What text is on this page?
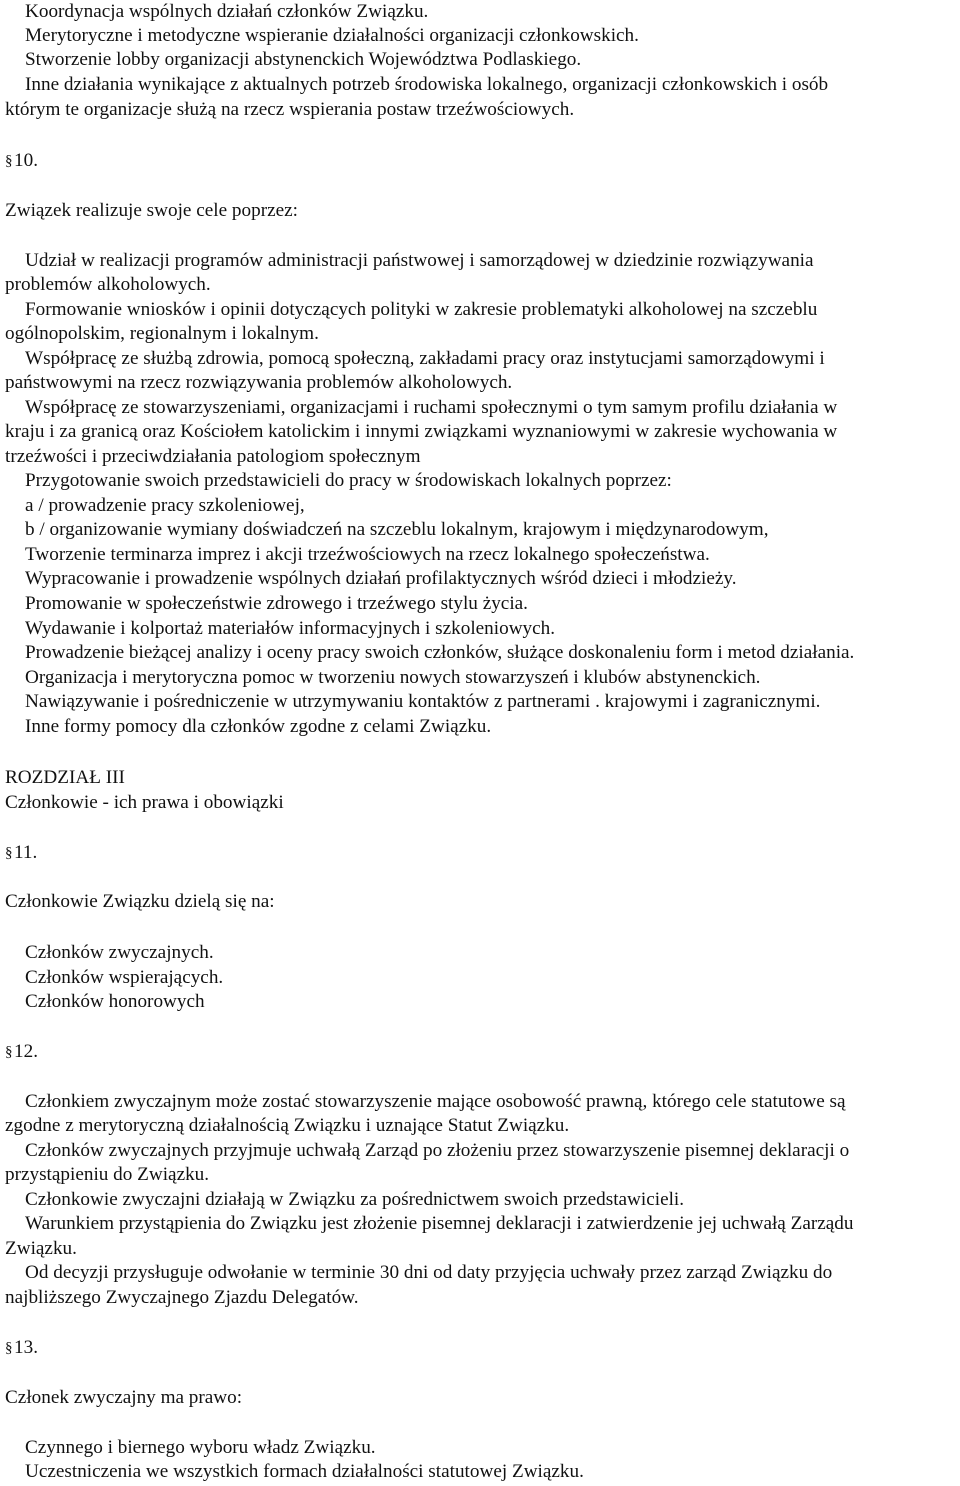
Koordynacja wspólnych działań członków Związku.

Merytoryczne i metodyczne wspieranie działalności organizacji członkowskich.

Stworzenie lobby organizacji abstynenckich Województwa Podlaskiego.

Inne działania wynikające z aktualnych potrzeb środowiska lokalnego, organizacji członkowskich i osób

którym te organizacje służą na rzecz wspierania postaw trzeźwościowych.

§ 10.

Związek realizuje swoje cele poprzez:

Udział w realizacji programów administracji państwowej i samorządowej w dziedzinie rozwiązywania

problemów alkoholowych.

Formowanie wniosków i opinii dotyczących polityki w zakresie problematyki alkoholowej na szczeblu

ogólnopolskim, regionalnym i lokalnym.

Współpracę ze służbą zdrowia, pomocą społeczną, zakładami pracy oraz instytucjami samorządowymi i

państwowymi na rzecz rozwiązywania problemów alkoholowych.

Współpracę ze stowarzyszeniami, organizacjami i ruchami społecznymi o tym samym profilu działania w

kraju i za granicą oraz Kościołem katolickim i innymi związkami wyznaniowymi w zakresie wychowania w

trzeźwości i przeciwdziałania patologiom społecznym

Przygotowanie swoich przedstawicieli do pracy w środowiskach lokalnych poprzez:

a / prowadzenie pracy szkoleniowej,

b / organizowanie wymiany doświadczeń na szczeblu lokalnym, krajowym i międzynarodowym,

Tworzenie terminarza imprez i akcji trzeźwościowych na rzecz lokalnego społeczeństwa.

Wypracowanie i prowadzenie wspólnych działań profilaktycznych wśród dzieci i młodzieży.

Promowanie w społeczeństwie zdrowego i trzeźwego stylu życia.

Wydawanie i kolportaż materiałów informacyjnych i szkoleniowych.

Prowadzenie bieżącej analizy i oceny pracy swoich członków, służące doskonaleniu form i metod działania.

Organizacja i merytoryczna pomoc w tworzeniu nowych stowarzyszeń i klubów abstynenckich.

Nawiązywanie i pośredniczenie w utrzymywaniu kontaktów z partnerami . krajowymi i zagranicznymi.

Inne formy pomocy dla członków zgodne z celami Związku.

ROZDZIAŁ III

Członkowie - ich prawa i obowiązki

§ 11.

Członkowie Związku dzielą się na:

Członków zwyczajnych.

Członków wspierających.

Członków honorowych

§ 12.

Członkiem zwyczajnym może zostać stowarzyszenie mające osobowość prawną, którego cele statutowe są

zgodne z merytoryczną działalnością Związku i uznające Statut Związku.

Członków zwyczajnych przyjmuje uchwałą Zarząd po złożeniu przez stowarzyszenie pisemnej deklaracji o

przystąpieniu do Związku.

Członkowie zwyczajni działają w Związku za pośrednictwem swoich przedstawicieli.

Warunkiem przystąpienia do Związku jest złożenie pisemnej deklaracji i zatwierdzenie jej uchwałą Zarządu

Związku.

Od decyzji przysługuje odwołanie w terminie 30 dni od daty przyjęcia uchwały przez zarząd Związku do

najbliższego Zwyczajnego Zjazdu Delegatów.

§ 13.

Członek zwyczajny ma prawo:

Czynnego i biernego wyboru władz Związku.

Uczestniczenia we wszystkich formach działalności statutowej Związku.
